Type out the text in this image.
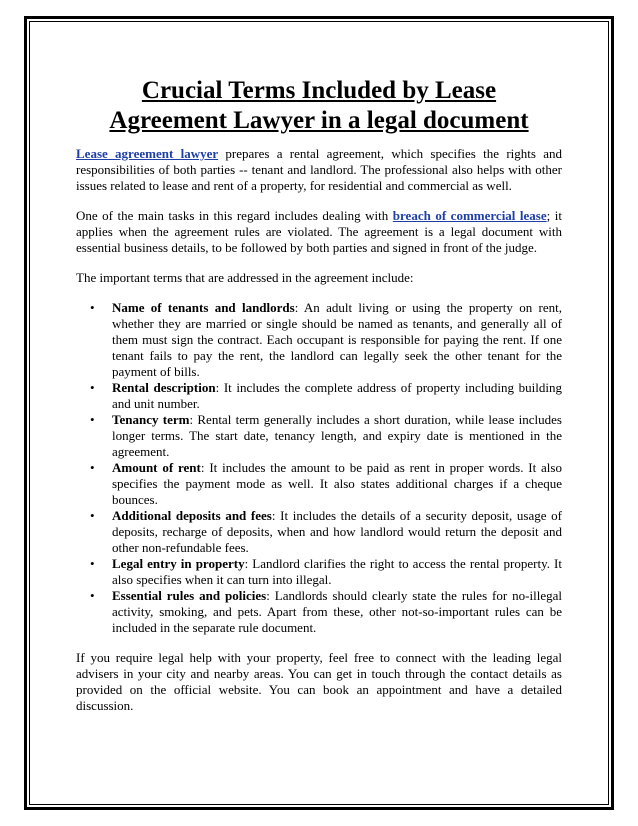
Crucial Terms Included by Lease
Agreement Lawyer in a legal document

Lease agreement lawyer prepares a rental agreement, which specifies the rights and responsibilities of both parties -- tenant and landlord. The professional also helps with other issues related to lease and rent of a property, for residential and commercial as well.

One of the main tasks in this regard includes dealing with breach of commercial lease; it applies when the agreement rules are violated. The agreement is a legal document with essential business details, to be followed by both parties and signed in front of the judge.

The important terms that are addressed in the agreement include:

• Name of tenants and landlords: An adult living or using the property on rent, whether they are married or single should be named as tenants, and generally all of them must sign the contract. Each occupant is responsible for paying the rent. If one tenant fails to pay the rent, the landlord can legally seek the other tenant for the payment of bills.
• Rental description: It includes the complete address of property including building and unit number.
• Tenancy term: Rental term generally includes a short duration, while lease includes longer terms. The start date, tenancy length, and expiry date is mentioned in the agreement.
• Amount of rent: It includes the amount to be paid as rent in proper words. It also specifies the payment mode as well. It also states additional charges if a cheque bounces.
• Additional deposits and fees: It includes the details of a security deposit, usage of deposits, recharge of deposits, when and how landlord would return the deposit and other non-refundable fees.
• Legal entry in property: Landlord clarifies the right to access the rental property. It also specifies when it can turn into illegal.
• Essential rules and policies: Landlords should clearly state the rules for no-illegal activity, smoking, and pets. Apart from these, other not-so-important rules can be included in the separate rule document.

If you require legal help with your property, feel free to connect with the leading legal advisers in your city and nearby areas. You can get in touch through the contact details as provided on the official website. You can book an appointment and have a detailed discussion.
